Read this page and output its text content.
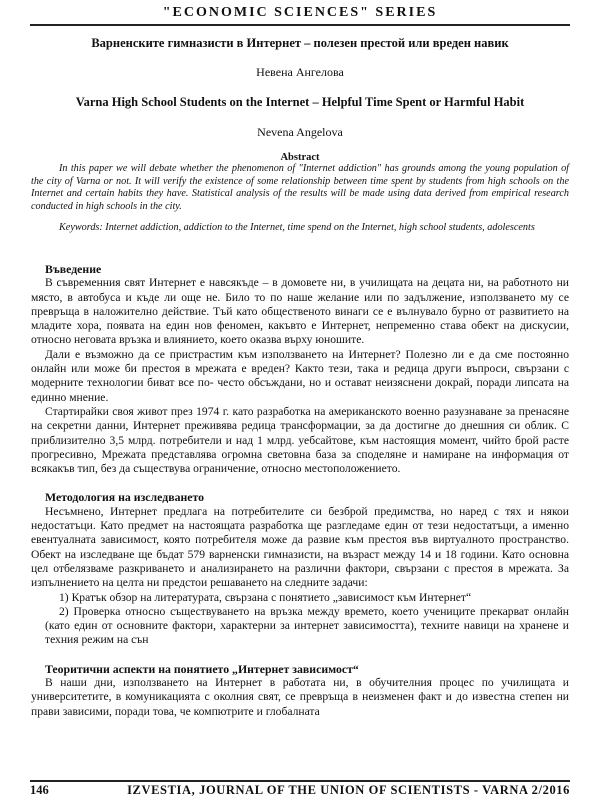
"ECONOMIC SCIENCES" SERIES
Варненските гимназисти в Интернет – полезен престой или вреден навик
Невена Ангелова
Varna High School Students on the Internet – Helpful Time Spent or Harmful Habit
Nevena Angelova
Abstract

In this paper we will debate whether the phenomenon of "Internet addiction" has grounds among the young population of the city of Varna or not. It will verify the existence of some relationship between time spent by students from high schools on the Internet and certain habits they have. Statistical analysis of the results will be made using data derived from empirical research conducted in high schools in the city.

Keywords: Internet addiction, addiction to the Internet, time spend on the Internet, high school students, adolescents

Въведение

В съвременния свят Интернет е навсякъде – в домовете ни, в училищата на децата ни, на работното ни място, в автобуса и къде ли още не. Било то по наше желание или по задължение, използването му се превръща в наложително действие. Тъй като общественото винаги се е вълнувало бурно от развитието на младите хора, появата на един нов феномен, какъвто е Интернет, непременно става обект на дискусии, относно неговата връзка и влиянието, което оказва върху юношите.

Дали е възможно да се пристрастим към използването на Интернет? Полезно ли е да сме постоянно онлайн или може би престоя в мрежата е вреден? Както тези, така и редица други въпроси, свързани с модерните технологии биват все по- често обсъждани, но и остават неизяснени докрай, поради липсата на единно мнение.

Стартирайки своя живот през 1974 г. като разработка на американското военно разузнаване за пренасяне на секретни данни, Интернет преживява редица трансформации, за да достигне до днешния си облик. С приблизително 3,5 млрд. потребители и над 1 млрд. уебсайтове, към настоящия момент, чийто брой расте прогресивно, Мрежата представлява огромна световна база за споделяне и намиране на информация от всякакъв тип, без да съществува ограничение, относно местоположението.

Методология на изследването

Несъмнено, Интернет предлага на потребителите си безброй предимства, но наред с тях и някои недостатъци. Като предмет на настоящата разработка ще разгледаме един от тези недостатъци, а именно евентуалната зависимост, която потребителя може да развие към престоя във виртуалното пространство. Обект на изследване ще бъдат 579 варненски гимназисти, на възраст между 14 и 18 години. Като основна цел отбелязваме разкриването и анализирането на различни фактори, свързани с престоя в мрежата. За изпълнението на целта ни предстои решаването на следните задачи:

1) Кратък обзор на литературата, свързана с понятието „зависимост към Интернет“

2) Проверка относно съществуването на връзка между времето, което учениците прекарват онлайн (като един от основните фактори, характерни за интернет зависимостта), техните навици на хранене и техния режим на сън

Теоритични аспекти на понятието „Интернет зависимост“

В наши дни, използването на Интернет в работата ни, в обучителния процес по училищата и университетите, в комуникацията с околния свят, се превръща в неизменен факт и до известна степен ни прави зависими, поради това, че компютрите и глобалната

146	IZVESTIA, JOURNAL OF THE UNION OF SCIENTISTS - VARNA 2/2016
